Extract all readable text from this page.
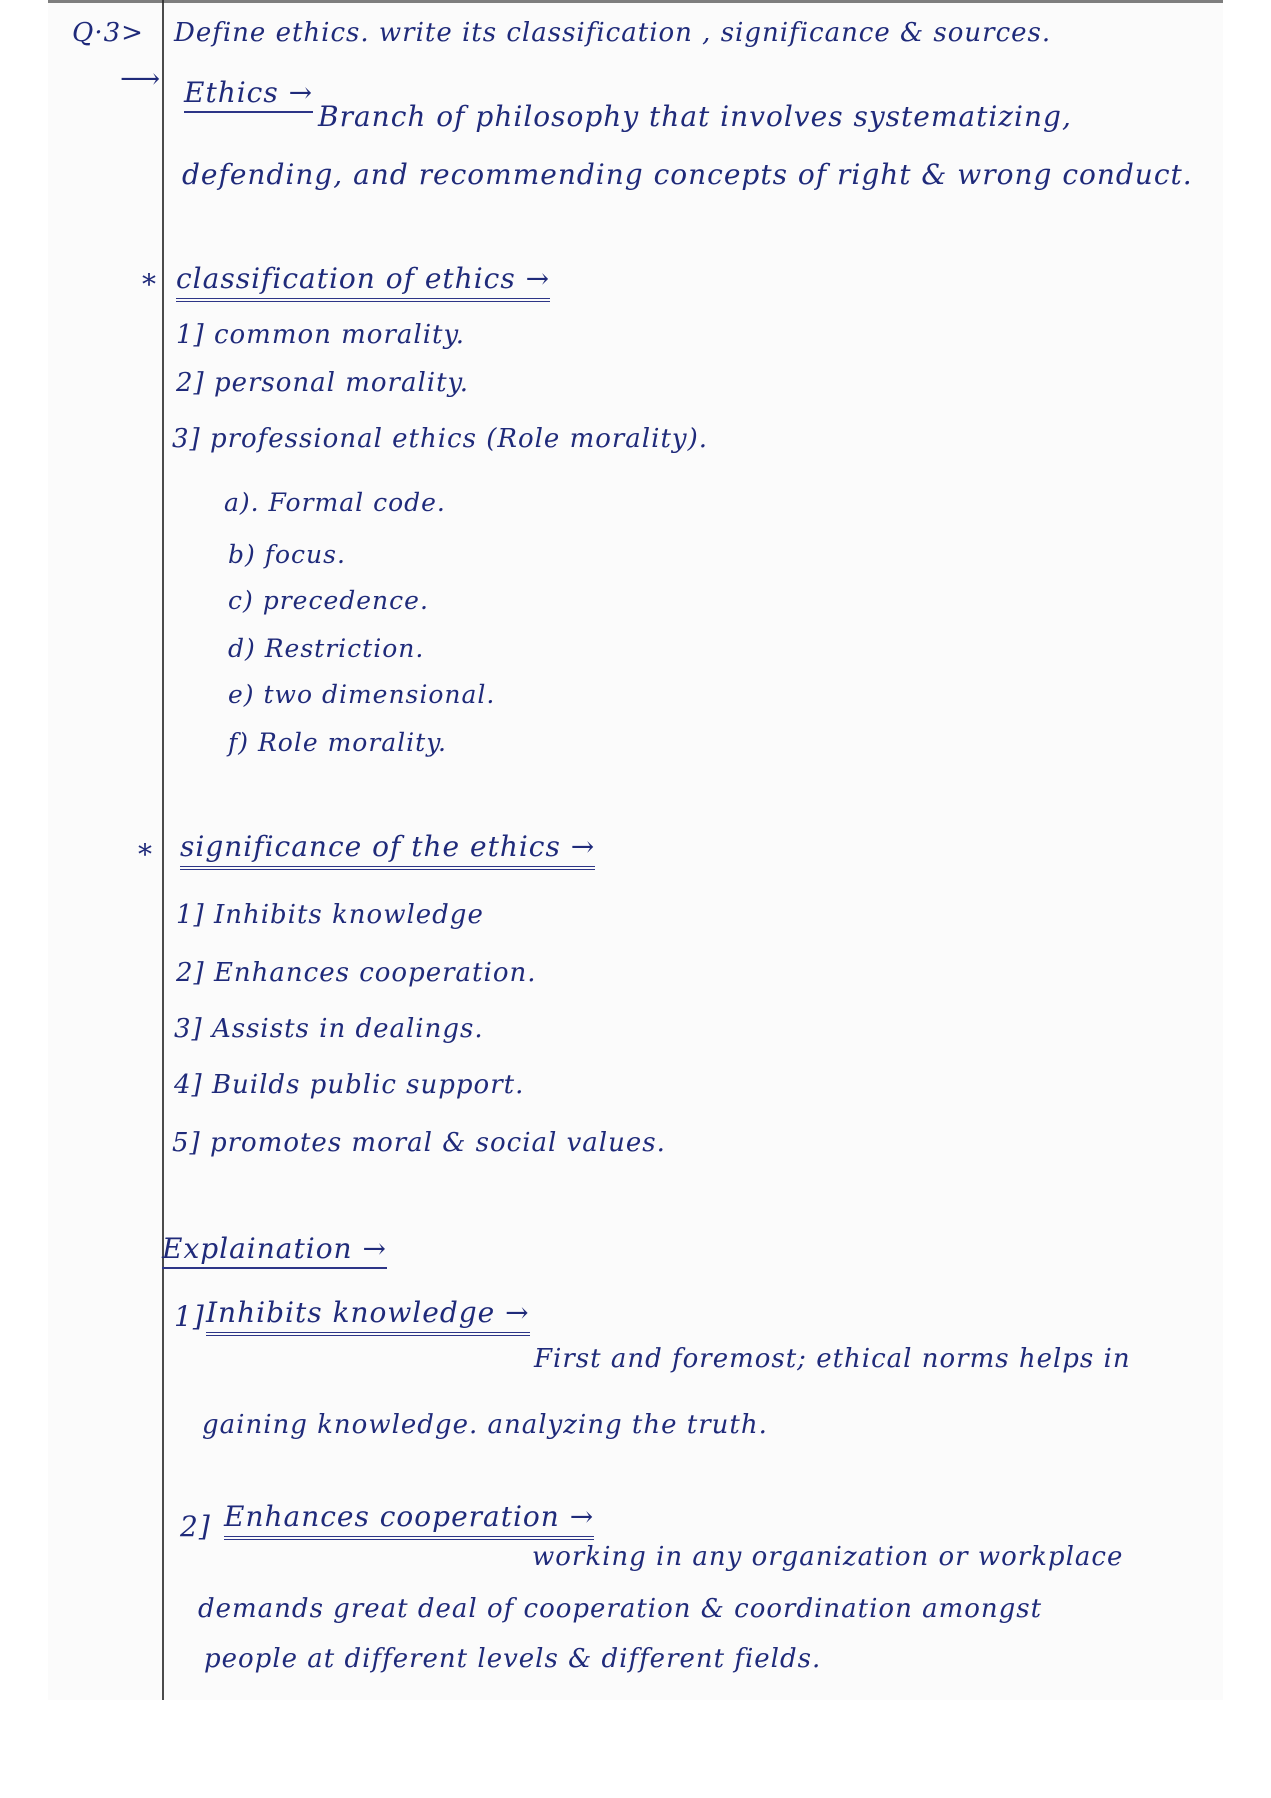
Q·3> Define ethics. write its classification , significance & sources.
⟶ Ethics →
Branch of philosophy that involves systematizing,
defending, and recommending concepts of right & wrong conduct.
* classification of ethics →
1] common morality.
2] personal morality.
3] professional ethics (Role morality).
a). Formal code.
b) focus.
c) precedence.
d) Restriction.
e) two dimensional.
f) Role morality.
* significance of the ethics →
1] Inhibits knowledge
2] Enhances cooperation.
3] Assists in dealings.
4] Builds public support.
5] promotes moral & social values.
Explaination →
1] Inhibits knowledge →
First and foremost; ethical norms helps in
gaining knowledge. analyzing the truth.
2] Enhances cooperation →
working in any organization or workplace
demands great deal of cooperation & coordination amongst
people at different levels & different fields.
